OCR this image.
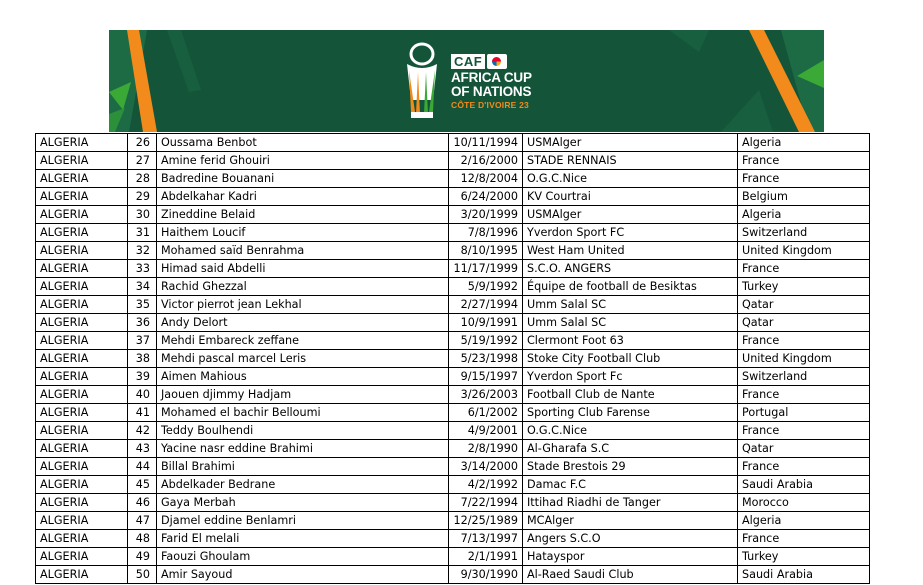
CAF
AFRICA CUP
OF NATIONS
CÔTE D'IVOIRE 23
ALGERIA	26	Oussama Benbot	10/11/1994	USMAlger	Algeria
ALGERIA	27	Amine ferid Ghouiri	2/16/2000	STADE RENNAIS	France
ALGERIA	28	Badredine Bouanani	12/8/2004	O.G.C.Nice	France
ALGERIA	29	Abdelkahar Kadri	6/24/2000	KV Courtrai	Belgium
ALGERIA	30	Zineddine Belaid	3/20/1999	USMAlger	Algeria
ALGERIA	31	Haithem Loucif	7/8/1996	Yverdon Sport FC	Switzerland
ALGERIA	32	Mohamed saïd Benrahma	8/10/1995	West Ham United	United Kingdom
ALGERIA	33	Himad said Abdelli	11/17/1999	S.C.O. ANGERS	France
ALGERIA	34	Rachid Ghezzal	5/9/1992	Équipe de football de Besiktas	Turkey
ALGERIA	35	Victor pierrot jean Lekhal	2/27/1994	Umm Salal SC	Qatar
ALGERIA	36	Andy Delort	10/9/1991	Umm Salal SC	Qatar
ALGERIA	37	Mehdi Embareck zeffane	5/19/1992	Clermont Foot 63	France
ALGERIA	38	Mehdi pascal marcel Leris	5/23/1998	Stoke City Football Club	United Kingdom
ALGERIA	39	Aimen Mahious	9/15/1997	Yverdon Sport Fc	Switzerland
ALGERIA	40	Jaouen djimmy Hadjam	3/26/2003	Football Club de Nante	France
ALGERIA	41	Mohamed el bachir Belloumi	6/1/2002	Sporting Club Farense	Portugal
ALGERIA	42	Teddy Boulhendi	4/9/2001	O.G.C.Nice	France
ALGERIA	43	Yacine nasr eddine Brahimi	2/8/1990	Al-Gharafa S.C	Qatar
ALGERIA	44	Billal Brahimi	3/14/2000	Stade Brestois 29	France
ALGERIA	45	Abdelkader Bedrane	4/2/1992	Damac F.C	Saudi Arabia
ALGERIA	46	Gaya Merbah	7/22/1994	Ittihad Riadhi de Tanger	Morocco
ALGERIA	47	Djamel eddine Benlamri	12/25/1989	MCAlger	Algeria
ALGERIA	48	Farid El melali	7/13/1997	Angers S.C.O	France
ALGERIA	49	Faouzi Ghoulam	2/1/1991	Hatayspor	Turkey
ALGERIA	50	Amir Sayoud	9/30/1990	Al-Raed Saudi Club	Saudi Arabia
